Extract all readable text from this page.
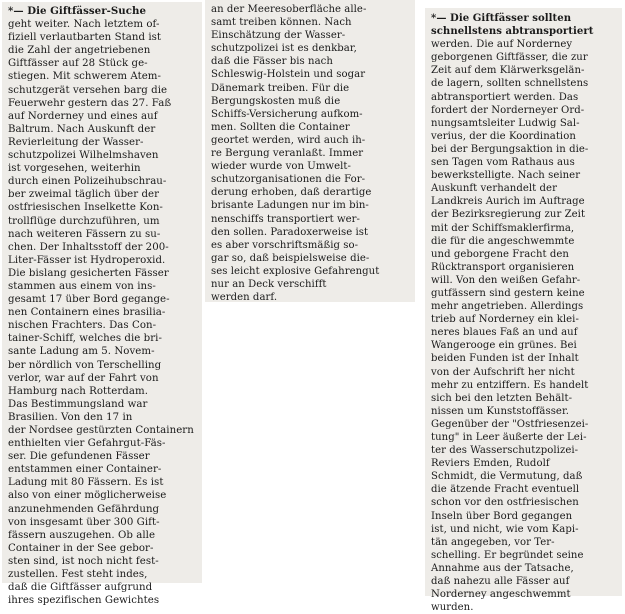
*— Die Giftfässer-Suche
geht weiter. Nach letztem of-
fiziell verlautbarten Stand ist
die Zahl der angetriebenen
Giftfässer auf 28 Stück ge-
stiegen. Mit schwerem Atem-
schutzgerät versehen barg die
Feuerwehr gestern das 27. Faß
auf Norderney und eines auf
Baltrum. Nach Auskunft der
Revierleitung der Wasser-
schutzpolizei Wilhelmshaven
ist vorgesehen, weiterhin
durch einen Polizeihubschrau-
ber zweimal täglich über der
ostfriesischen Inselkette Kon-
trollflüge durchzuführen, um
nach weiteren Fässern zu su-
chen. Der Inhaltsstoff der 200-
Liter-Fässer ist Hydroperoxid.
Die bislang gesicherten Fässer
stammen aus einem von ins-
gesamt 17 über Bord gegange-
nen Containern eines brasilia-
nischen Frachters. Das Con-
tainer-Schiff, welches die bri-
sante Ladung am 5. Novem-
ber nördlich von Terschelling
verlor, war auf der Fahrt von
Hamburg nach Rotterdam.
Das Bestimmungsland war
Brasilien. Von den 17 in
der Nordsee gestürzten Containern
enthielten vier Gefahrgut-Fäs-
ser. Die gefundenen Fässer
entstammen einer Container-
Ladung mit 80 Fässern. Es ist
also von einer möglicherweise
anzunehmenden Gefährdung
von insgesamt über 300 Gift-
fässern auszugehen. Ob alle
Container in der See gebor-
sten sind, ist noch nicht fest-
zustellen. Fest steht indes,
daß die Giftfässer aufgrund
ihres spezifischen Gewichtes
an der Meeresoberfläche alle-
samt treiben können. Nach
Einschätzung der Wasser-
schutzpolizei ist es denkbar,
daß die Fässer bis nach
Schleswig-Holstein und sogar
Dänemark treiben. Für die
Bergungskosten muß die
Schiffs-Versicherung aufkom-
men. Sollten die Container
geortet werden, wird auch ih-
re Bergung veranlaßt. Immer
wieder wurde von Umwelt-
schutzorganisationen die For-
derung erhoben, daß derartige
brisante Ladungen nur im bin-
nenschiffs transportiert wer-
den sollen. Paradoxerweise ist
es aber vorschriftsmäßig so-
gar so, daß beispielsweise die-
ses leicht explosive Gefahrengut
nur an Deck verschifft
werden darf.
*— Die Giftfässer sollten
schnellstens abtransportiert
werden. Die auf Norderney
geborgenen Giftfässer, die zur
Zeit auf dem Klärwerksgelän-
de lagern, sollten schnellstens
abtransportiert werden. Das
fordert der Norderneyer Ord-
nungsamtsleiter Ludwig Sal-
verius, der die Koordination
bei der Bergungsaktion in die-
sen Tagen vom Rathaus aus
bewerkstelligte. Nach seiner
Auskunft verhandelt der
Landkreis Aurich im Auftrage
der Bezirksregierung zur Zeit
mit der Schiffsmaklerfirma,
die für die angeschwemmte
und geborgene Fracht den
Rücktransport organisieren
will. Von den weißen Gefahr-
gutfässern sind gestern keine
mehr angetrieben. Allerdings
trieb auf Norderney ein klei-
neres blaues Faß an und auf
Wangerooge ein grünes. Bei
beiden Funden ist der Inhalt
von der Aufschrift her nicht
mehr zu entziffern. Es handelt
sich bei den letzten Behält-
nissen um Kunststoffässer.
Gegenüber der "Ostfriesenzei-
tung" in Leer äußerte der Lei-
ter des Wasserschutzpolizei-
Reviers Emden, Rudolf
Schmidt, die Vermutung, daß
die ätzende Fracht eventuell
schon vor den ostfriesischen
Inseln über Bord gegangen
ist, und nicht, wie vom Kapi-
tän angegeben, vor Ter-
schelling. Er begründet seine
Annahme aus der Tatsache,
daß nahezu alle Fässer auf
Norderney angeschwemmt
wurden.
